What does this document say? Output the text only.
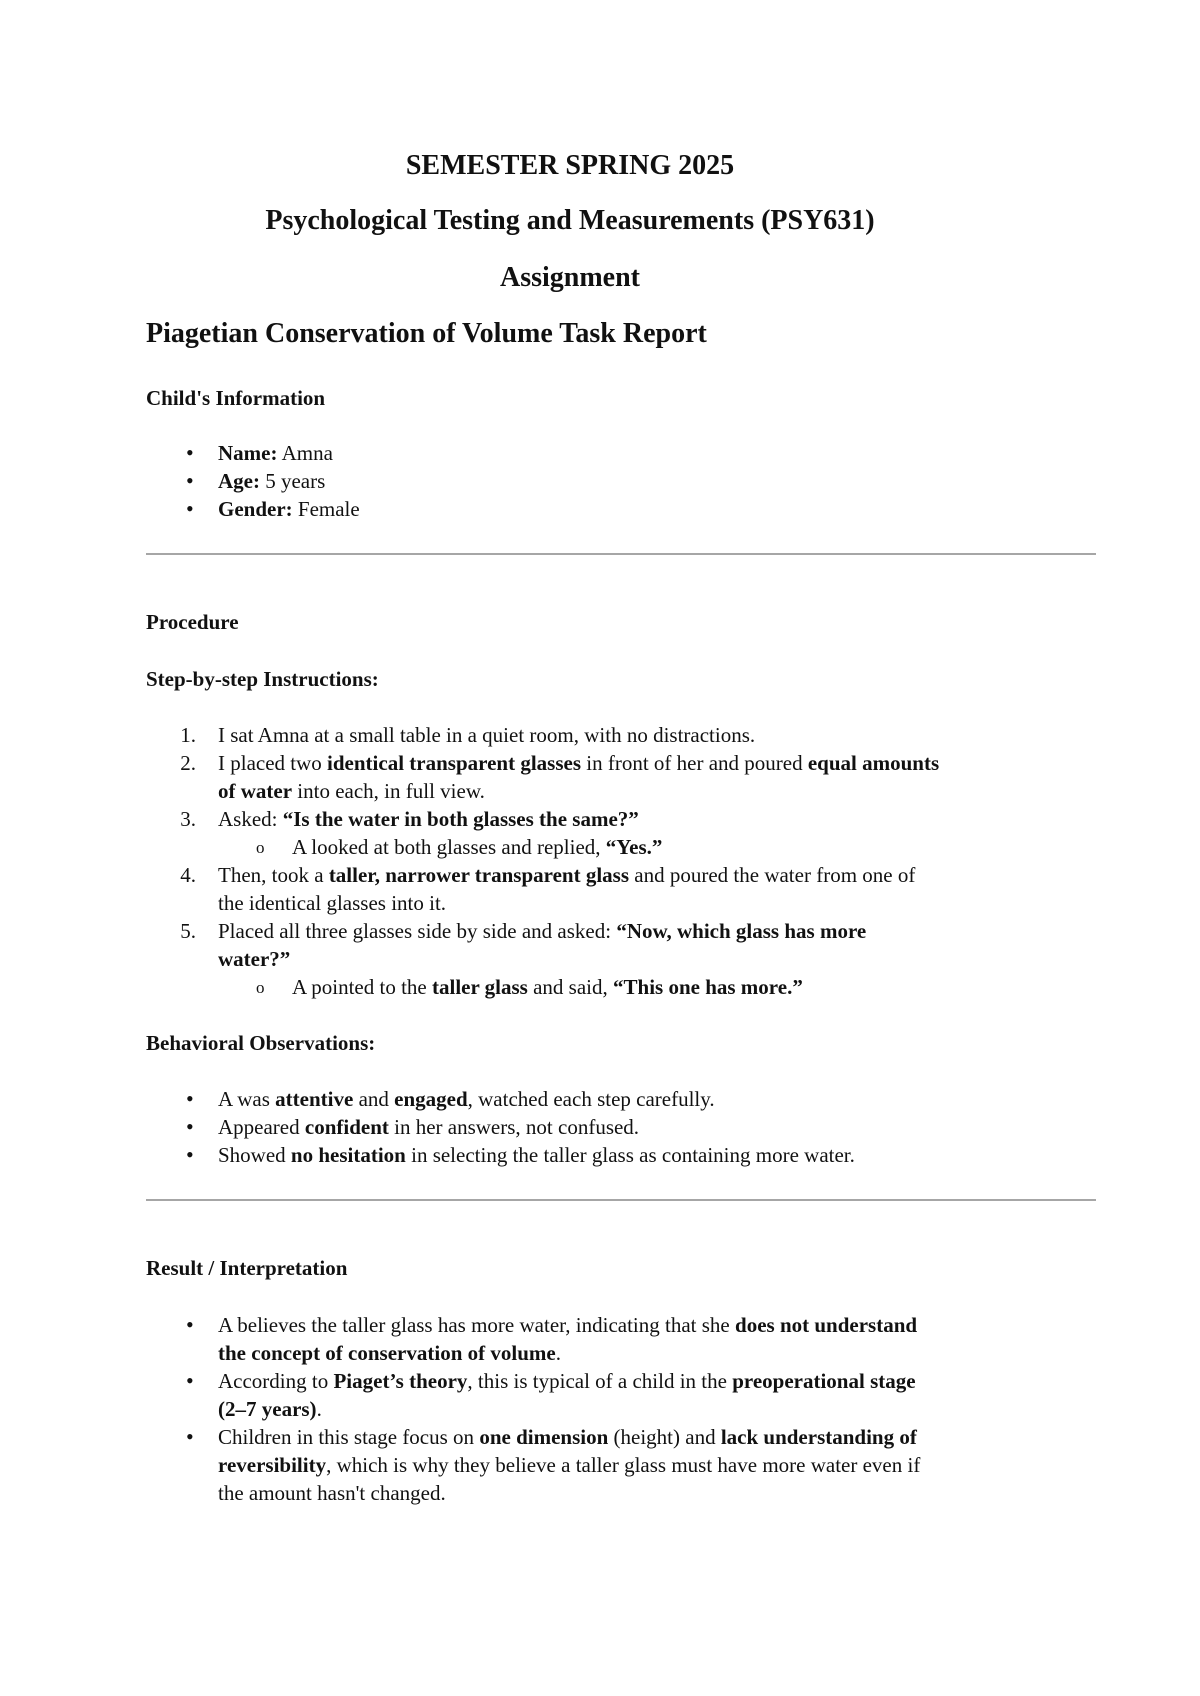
SEMESTER SPRING 2025
Psychological Testing and Measurements (PSY631)
Assignment
Piagetian Conservation of Volume Task Report
Child's Information
• Name: Amna
• Age: 5 years
• Gender: Female
Procedure
Step-by-step Instructions:
1. I sat Amna at a small table in a quiet room, with no distractions.
2. I placed two identical transparent glasses in front of her and poured equal amounts
of water into each, in full view.
3. Asked: “Is the water in both glasses the same?”
o A looked at both glasses and replied, “Yes.”
4. Then, took a taller, narrower transparent glass and poured the water from one of
the identical glasses into it.
5. Placed all three glasses side by side and asked: “Now, which glass has more
water?”
o A pointed to the taller glass and said, “This one has more.”
Behavioral Observations:
• A was attentive and engaged, watched each step carefully.
• Appeared confident in her answers, not confused.
• Showed no hesitation in selecting the taller glass as containing more water.
Result / Interpretation
• A believes the taller glass has more water, indicating that she does not understand
the concept of conservation of volume.
• According to Piaget’s theory, this is typical of a child in the preoperational stage
(2–7 years).
• Children in this stage focus on one dimension (height) and lack understanding of
reversibility, which is why they believe a taller glass must have more water even if
the amount hasn't changed.
